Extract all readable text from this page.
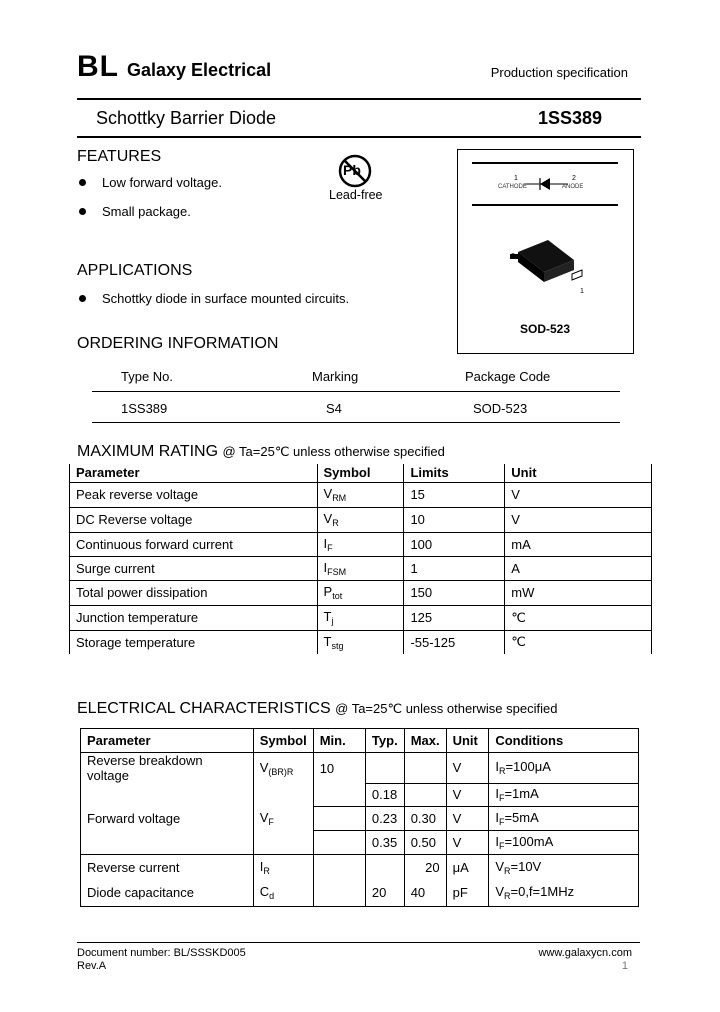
BL Galaxy Electrical	Production specification
Schottky Barrier Diode	1SS389
FEATURES
Low forward voltage.
Small package.
Pb
Lead-free
APPLICATIONS
Schottky diode in surface mounted circuits.
1	2
CATHODE	ANODE
2
1
SOD-523
ORDERING INFORMATION
Type No.	Marking	Package Code
1SS389	S4	SOD-523
MAXIMUM RATING @ Ta=25℃ unless otherwise specified
Parameter	Symbol	Limits	Unit
Peak reverse voltage	$V_{RM}$	15	V
DC Reverse voltage	$V_R$	10	V
Continuous forward current	$I_F$	100	mA
Surge current	$I_{FSM}$	1	A
Total power dissipation	$P_{tot}$	150	mW
Junction temperature	$T_j$	125	℃
Storage temperature	$T_{stg}$	-55-125	℃
ELECTRICAL CHARACTERISTICS @ Ta=25℃ unless otherwise specified
Parameter	Symbol	Min.	Typ.	Max.	Unit	Conditions
Reverse breakdown voltage	$V_{(BR)R}$	10			V	$I_R=100\mu A$
Forward voltage	$V_F$		0.18		V	$I_F=1mA$
			0.23	0.30	V	$I_F=5mA$
			0.35	0.50	V	$I_F=100mA$
Reverse current	$I_R$			20	μA	$V_R=10V$
Diode capacitance	$C_d$		20	40	pF	$V_R=0,f=1MHz$
Document number: BL/SSSKD005
Rev.A
www.galaxycn.com
1
